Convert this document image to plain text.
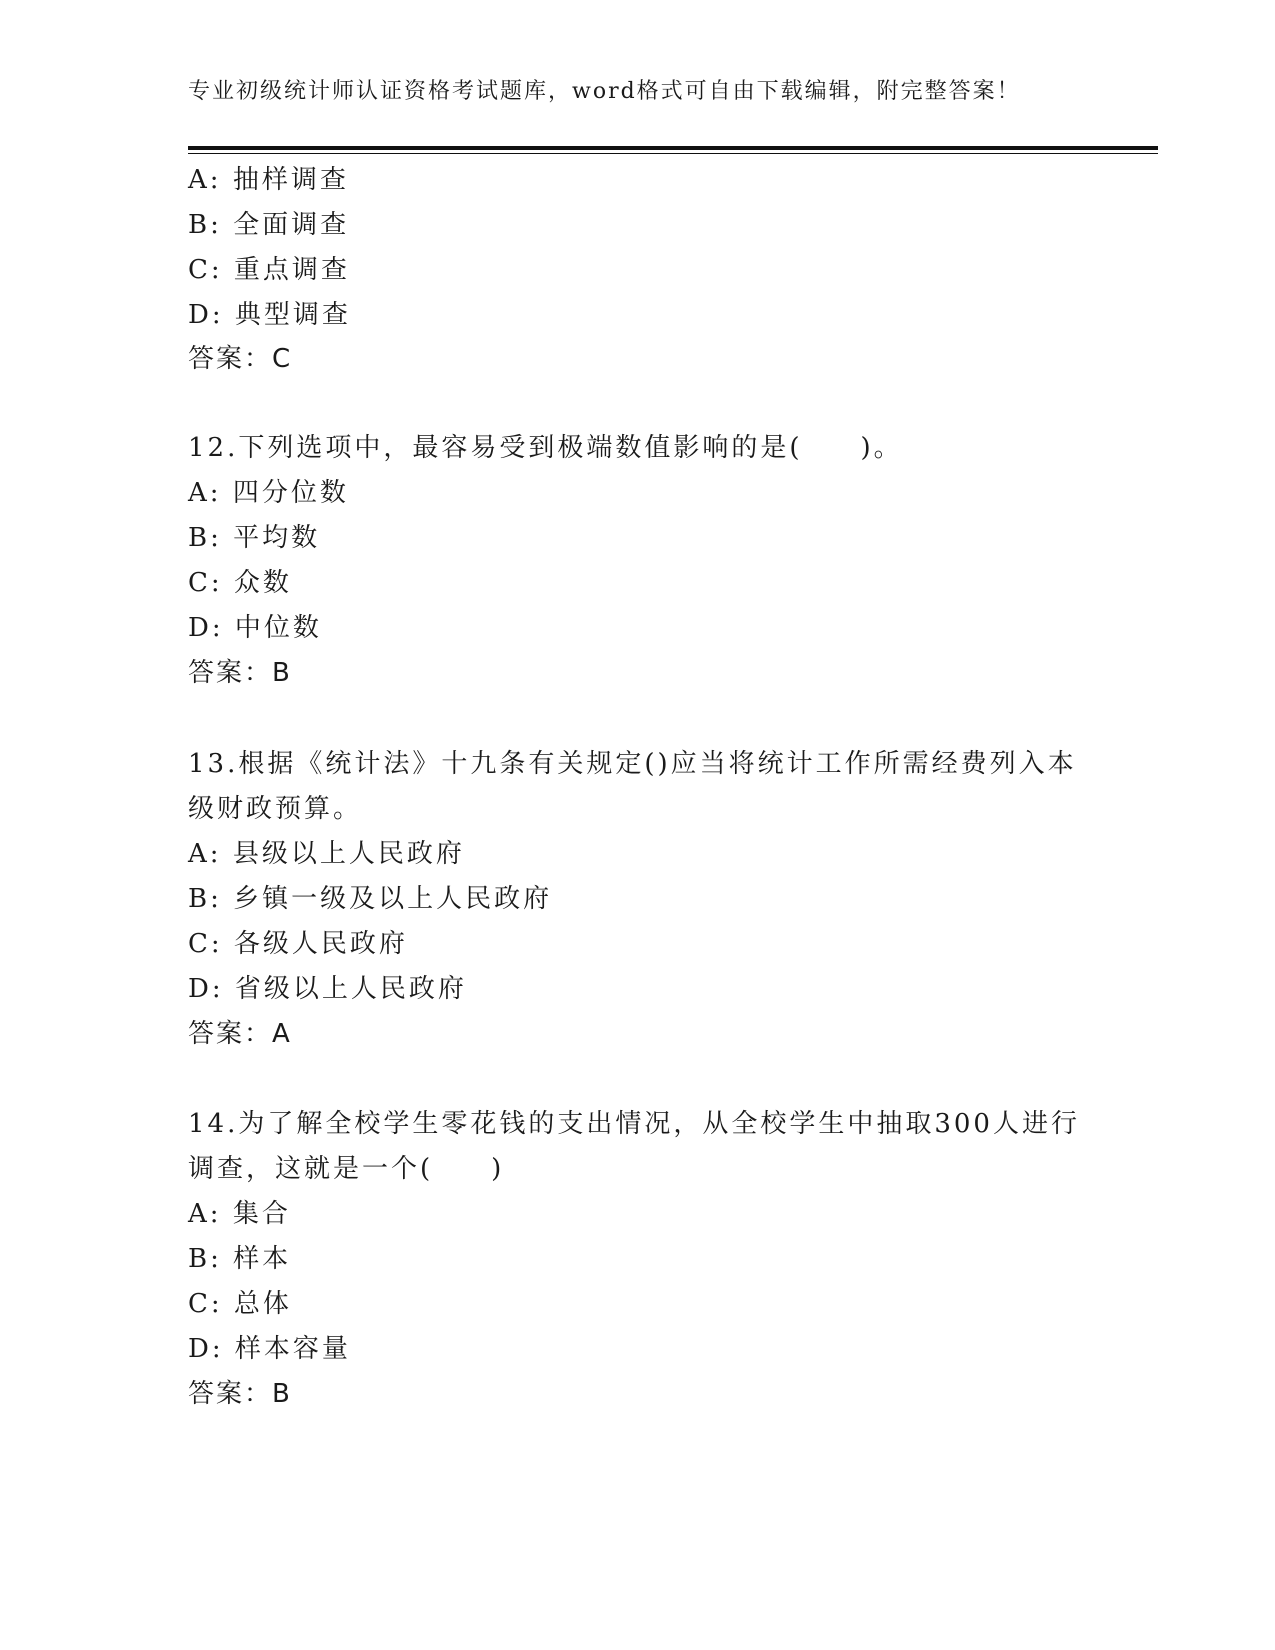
专业初级统计师认证资格考试题库，word格式可自由下载编辑，附完整答案！
A: 抽样调查
B: 全面调查
C: 重点调查
D: 典型调查
答案：C
12.下列选项中，最容易受到极端数值影响的是(　　)。
A: 四分位数
B: 平均数
C: 众数
D: 中位数
答案：B
13.根据《统计法》十九条有关规定()应当将统计工作所需经费列入本
级财政预算。
A: 县级以上人民政府
B: 乡镇一级及以上人民政府
C: 各级人民政府
D: 省级以上人民政府
答案：A
14.为了解全校学生零花钱的支出情况，从全校学生中抽取300人进行
调查，这就是一个(　　)
A: 集合
B: 样本
C: 总体
D: 样本容量
答案：B
